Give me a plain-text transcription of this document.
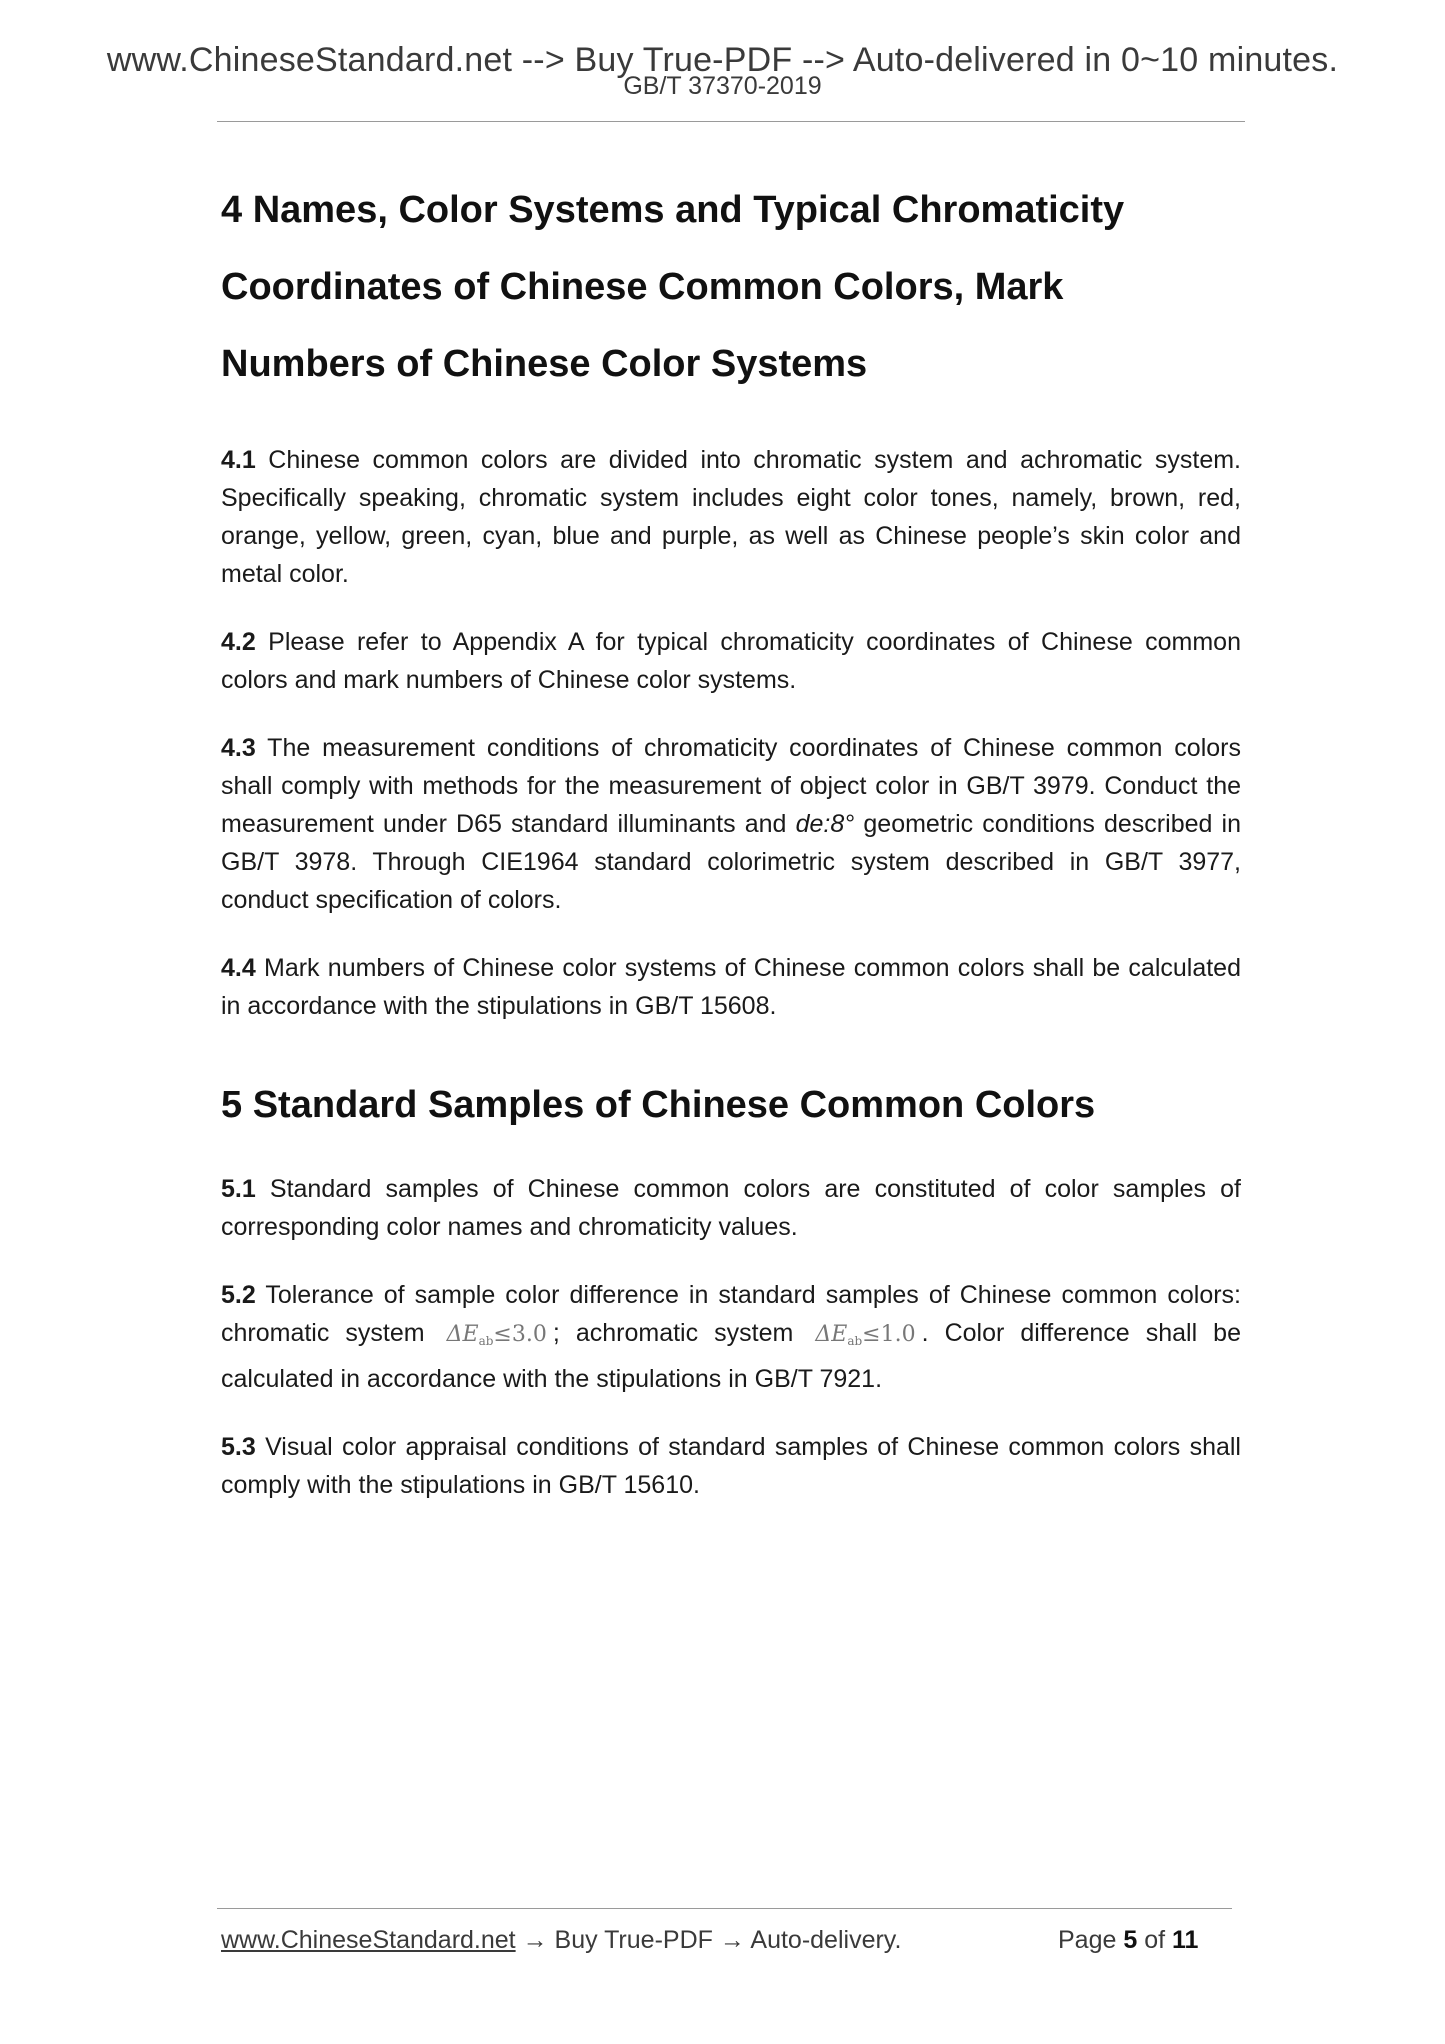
www.ChineseStandard.net --> Buy True-PDF --> Auto-delivered in 0~10 minutes.
GB/T 37370-2019
4 Names, Color Systems and Typical Chromaticity
Coordinates of Chinese Common Colors, Mark
Numbers of Chinese Color Systems

4.1 Chinese common colors are divided into chromatic system and achromatic system. Specifically speaking, chromatic system includes eight color tones, namely, brown, red, orange, yellow, green, cyan, blue and purple, as well as Chinese people’s skin color and metal color.

4.2 Please refer to Appendix A for typical chromaticity coordinates of Chinese common colors and mark numbers of Chinese color systems.

4.3 The measurement conditions of chromaticity coordinates of Chinese common colors shall comply with methods for the measurement of object color in GB/T 3979. Conduct the measurement under D65 standard illuminants and de:8° geometric conditions described in GB/T 3978. Through CIE1964 standard colorimetric system described in GB/T 3977, conduct specification of colors.

4.4 Mark numbers of Chinese color systems of Chinese common colors shall be calculated in accordance with the stipulations in GB/T 15608.

5 Standard Samples of Chinese Common Colors

5.1 Standard samples of Chinese common colors are constituted of color samples of corresponding color names and chromaticity values.

5.2 Tolerance of sample color difference in standard samples of Chinese common colors: chromatic system $\Delta E_{ab}\le 3.0$ ; achromatic system $\Delta E_{ab}\le 1.0$ . Color difference shall be calculated in accordance with the stipulations in GB/T 7921.

5.3 Visual color appraisal conditions of standard samples of Chinese common colors shall comply with the stipulations in GB/T 15610.

www.ChineseStandard.net → Buy True-PDF → Auto-delivery.	Page 5 of 11
